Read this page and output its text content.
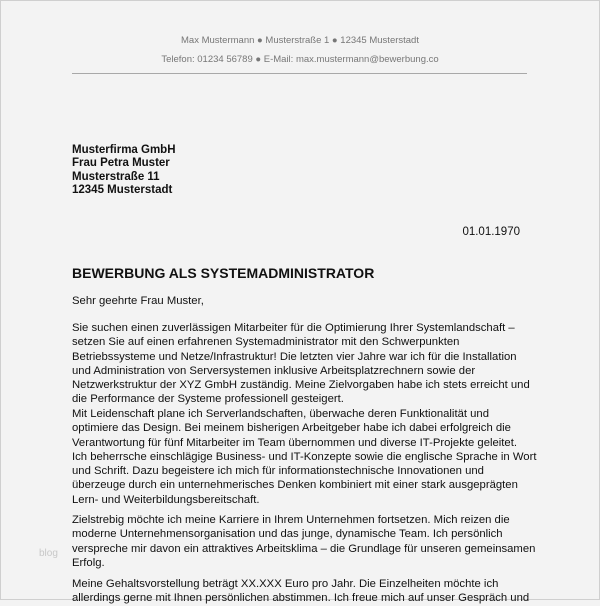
Max Mustermann ● Musterstraße 1 ● 12345 Musterstadt
Telefon: 01234 56789 ● E-Mail: max.mustermann@bewerbung.co
Musterfirma GmbH
Frau Petra Muster
Musterstraße 11
12345 Musterstadt
01.01.1970
BEWERBUNG ALS SYSTEMADMINISTRATOR
Sehr geehrte Frau Muster,
Sie suchen einen zuverlässigen Mitarbeiter für die Optimierung Ihrer Systemlandschaft –
setzen Sie auf einen erfahrenen Systemadministrator mit den Schwerpunkten
Betriebssysteme und Netze/Infrastruktur! Die letzten vier Jahre war ich für die Installation
und Administration von Serversystemen inklusive Arbeitsplatzrechnern sowie der
Netzwerkstruktur der XYZ GmbH zuständig. Meine Zielvorgaben habe ich stets erreicht und
die Performance der Systeme professionell gesteigert.
Mit Leidenschaft plane ich Serverlandschaften, überwache deren Funktionalität und
optimiere das Design. Bei meinem bisherigen Arbeitgeber habe ich dabei erfolgreich die
Verantwortung für fünf Mitarbeiter im Team übernommen und diverse IT-Projekte geleitet.
Ich beherrsche einschlägige Business- und IT-Konzepte sowie die englische Sprache in Wort
und Schrift. Dazu begeistere ich mich für informationstechnische Innovationen und
überzeuge durch ein unternehmerisches Denken kombiniert mit einer stark ausgeprägten
Lern- und Weiterbildungsbereitschaft.
Zielstrebig möchte ich meine Karriere in Ihrem Unternehmen fortsetzen. Mich reizen die
moderne Unternehmensorganisation und das junge, dynamische Team. Ich persönlich
verspreche mir davon ein attraktives Arbeitsklima – die Grundlage für unseren gemeinsamen
Erfolg.
Meine Gehaltsvorstellung beträgt XX.XXX Euro pro Jahr. Die Einzelheiten möchte ich
allerdings gerne mit Ihnen persönlichen abstimmen. Ich freue mich auf unser Gespräch und
blog
